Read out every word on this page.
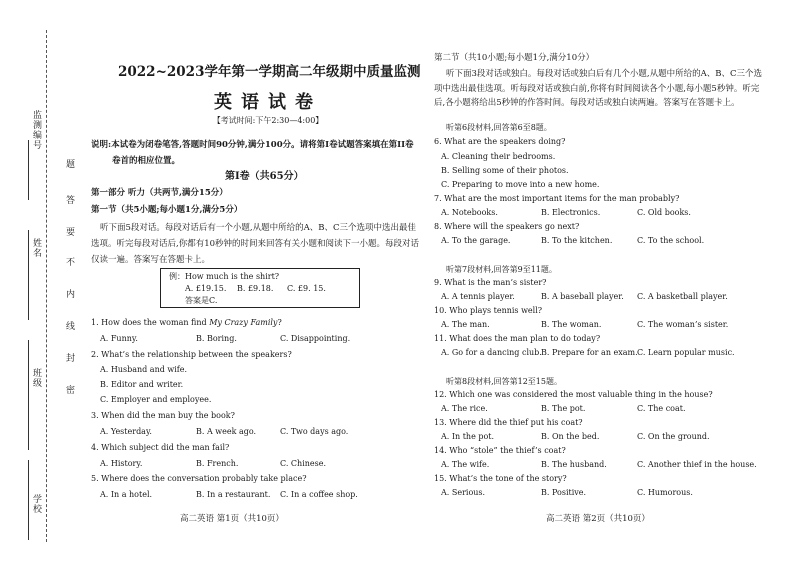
监测编号
姓名
班级
学校
题
答
要
不
内
线
封
密
2022~2023学年第一学期高二年级期中质量监测
英语试卷
【考试时间:下午2:30—4:00】
说明:本试卷为闭卷笔答,答题时间90分钟,满分100分。请将第I卷试题答案填在第II卷
卷首的相应位置。
第I卷（共65分）
第一部分 听力（共两节,满分15分）
第一节（共5小题;每小题1分,满分5分）
听下面5段对话。每段对话后有一个小题,从题中所给的A、B、C三个选项中选出最佳
选项。听完每段对话后,你都有10秒钟的时间来回答有关小题和阅读下一小题。每段对话
仅读一遍。答案写在答题卡上。
例：How much is the shirt?
A. £19.15. B. £9.18. C. £9. 15.
答案是C.
1. How does the woman find My Crazy Family?
A. Funny.	B. Boring.	C. Disappointing.
2. What’s the relationship between the speakers?
A. Husband and wife.
B. Editor and writer.
C. Employer and employee.
3. When did the man buy the book?
A. Yesterday.	B. A week ago.	C. Two days ago.
4. Which subject did the man fail?
A. History.	B. French.	C. Chinese.
5. Where does the conversation probably take place?
A. In a hotel.	B. In a restaurant. C. In a coffee shop.
高二英语 第1页（共10页）
第二节（共10小题;每小题1分,满分10分）
听下面3段对话或独白。每段对话或独白后有几个小题,从题中所给的A、B、C三个选
项中选出最佳选项。听每段对话或独白前,你将有时间阅读各个小题,每小题5秒钟。听完
后,各小题将给出5秒钟的作答时间。每段对话或独白读两遍。答案写在答题卡上。
听第6段材料,回答第6至8题。
6. What are the speakers doing?
A. Cleaning their bedrooms.
B. Selling some of their photos.
C. Preparing to move into a new home.
7. What are the most important items for the man probably?
A. Notebooks.	B. Electronics.	C. Old books.
8. Where will the speakers go next?
A. To the garage.	B. To the kitchen.	C. To the school.
听第7段材料,回答第9至11题。
9. What is the man’s sister?
A. A tennis player.	B. A baseball player. C. A basketball player.
10. Who plays tennis well?
A. The man.	B. The woman.	C. The woman’s sister.
11. What does the man plan to do today?
A. Go for a dancing club. B. Prepare for an exam. C. Learn popular music.
听第8段材料,回答第12至15题。
12. Which one was considered the most valuable thing in the house?
A. The rice.	B. The pot.	C. The coat.
13. Where did the thief put his coat?
A. In the pot.	B. On the bed.	C. On the ground.
14. Who “stole” the thief’s coat?
A. The wife.	B. The husband.	C. Another thief in the house.
15. What’s the tone of the story?
A. Serious.	B. Positive.	C. Humorous.
高二英语 第2页（共10页）
